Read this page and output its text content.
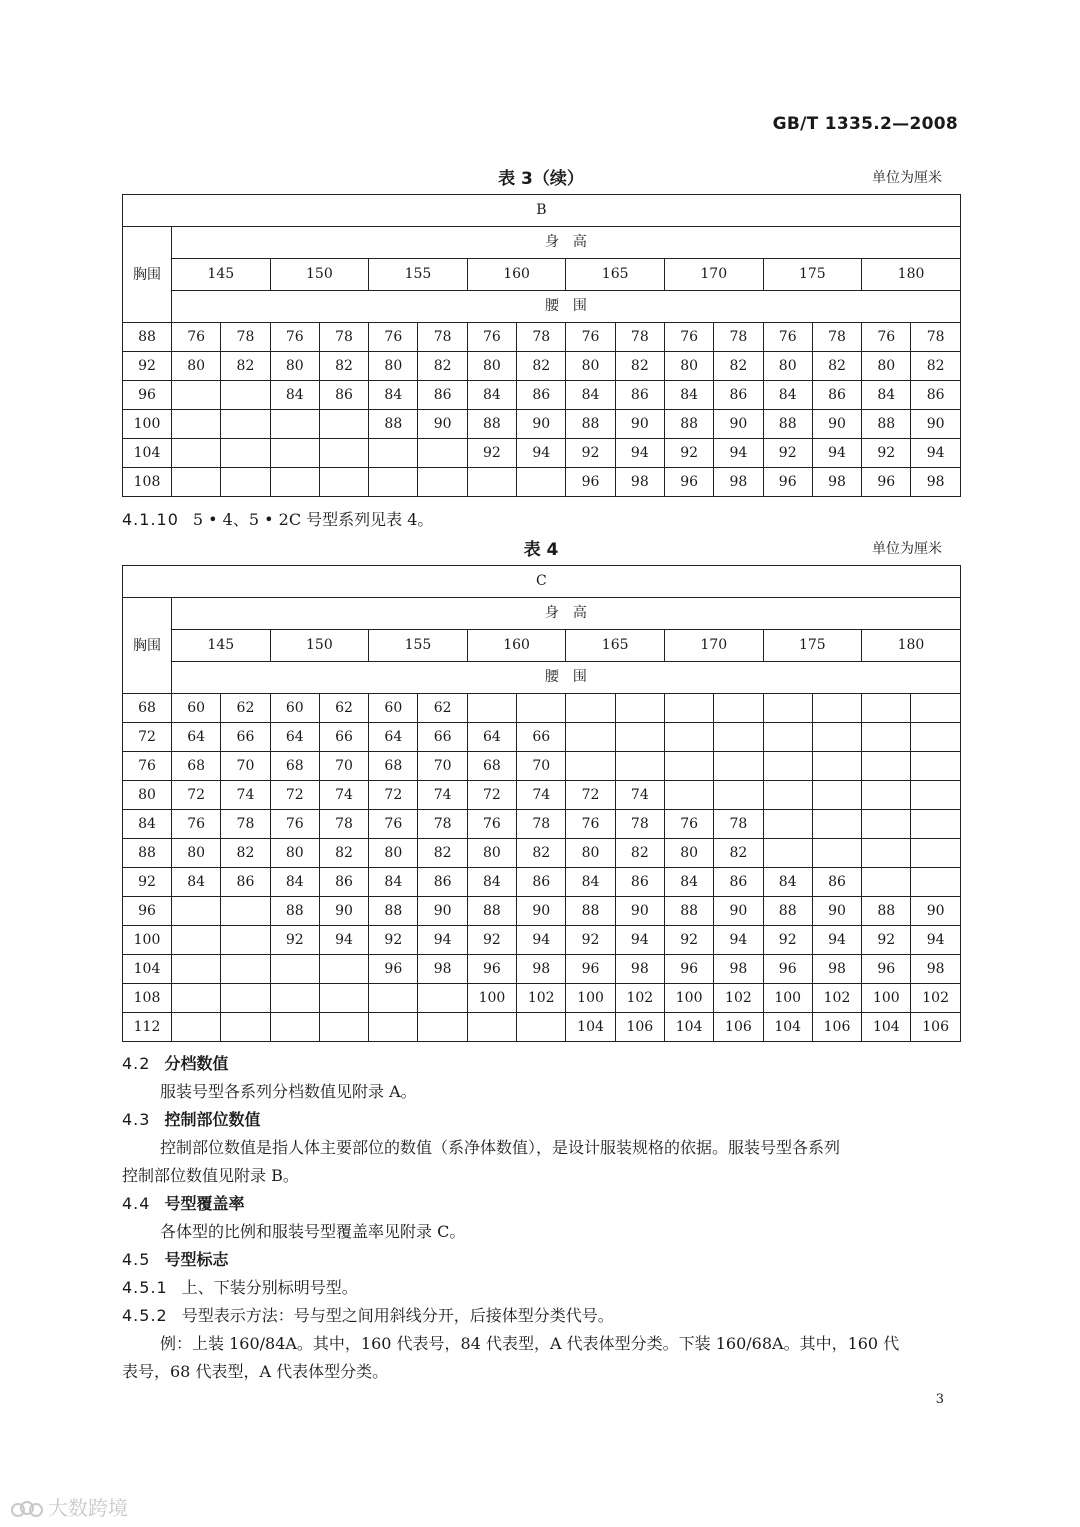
GB/T 1335.2—2008
表 3（续）	单位为厘米
B																
胸围	身　高															
	145		150		155		160		165		170		175		180	
	腰　围															
88	76	78	76	78	76	78	76	78	76	78	76	78	76	78	76	78
92	80	82	80	82	80	82	80	82	80	82	80	82	80	82	80	82
96			84	86	84	86	84	86	84	86	84	86	84	86	84	86
100					88	90	88	90	88	90	88	90	88	90	88	90
104							92	94	92	94	92	94	92	94	92	94
108									96	98	96	98	96	98	96	98
4.1.10 5 • 4、5 • 2C 号型系列见表 4。
表 4	单位为厘米
C																
胸围	身　高															
	145		150		155		160		165		170		175		180	
	腰　围															
68	60	62	60	62	60	62										
72	64	66	64	66	64	66	64	66								
76	68	70	68	70	68	70	68	70								
80	72	74	72	74	72	74	72	74	72	74						
84	76	78	76	78	76	78	76	78	76	78	76	78				
88	80	82	80	82	80	82	80	82	80	82	80	82				
92	84	86	84	86	84	86	84	86	84	86	84	86	84	86		
96			88	90	88	90	88	90	88	90	88	90	88	90	88	90
100			92	94	92	94	92	94	92	94	92	94	92	94	92	94
104					96	98	96	98	96	98	96	98	96	98	96	98
108							100	102	100	102	100	102	100	102	100	102
112									104	106	104	106	104	106	104	106
4.2 分档数值
服装号型各系列分档数值见附录 A。
4.3 控制部位数值
控制部位数值是指人体主要部位的数值（系净体数值），是设计服装规格的依据。服装号型各系列
控制部位数值见附录 B。
4.4 号型覆盖率
各体型的比例和服装号型覆盖率见附录 C。
4.5 号型标志
4.5.1 上、下装分别标明号型。
4.5.2 号型表示方法：号与型之间用斜线分开，后接体型分类代号。
例：上装 160/84A。其中，160 代表号，84 代表型，A 代表体型分类。下装 160/68A。其中，160 代
表号，68 代表型，A 代表体型分类。
3
大数跨境
